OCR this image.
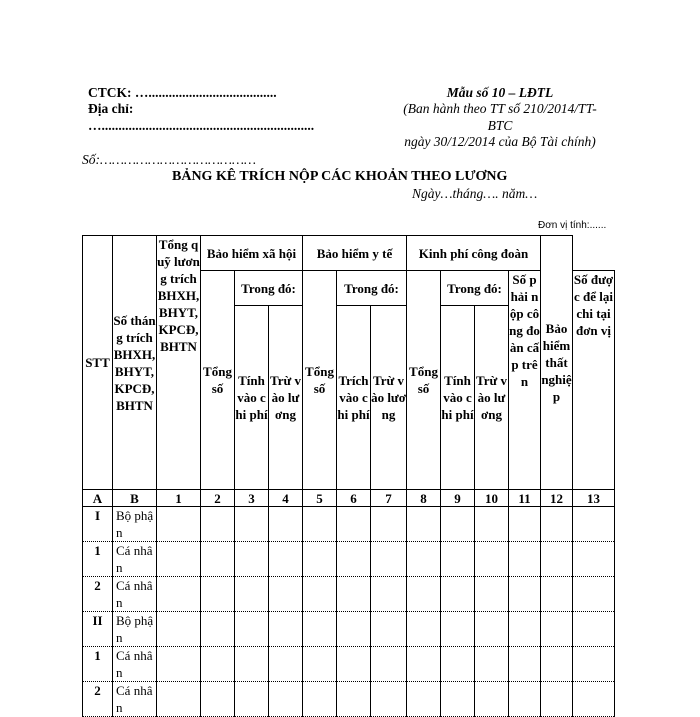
CTCK: …......................................
Địa chỉ:
…...............................................................
Số:…………………………………
Mẫu số 10 – LĐTL
(Ban hành theo TT số 210/2014/TT-
BTC
ngày 30/12/2014 của Bộ Tài chính)
BẢNG KÊ TRÍCH NỘP CÁC KHOẢN THEO LƯƠNG
Ngày…tháng…. năm…
Đơn vị tính:......
STT	Số tháng trích BHXH, BHYT, KPCĐ, BHTN	Tổng quỹ lương trích BHXH, BHYT, KPCĐ, BHTN	Bảo hiểm xã hội			Bảo hiểm y tế			Kinh phí công đoàn				Bảo hiểm thất nghiệp	
			Tổng số	Trong đó:		Tổng số	Trong đó:		Tổng số	Trong đó:		Số phải nộp công đoàn cấp trên		Số được để lại chi tại đơn vị
				Tính vào chi phí	Trừ vào lương		Trích vào chi phí	Trừ vào lương		Tính vào chi phí	Trừ vào lương			
A	B	1	2	3	4	5	6	7	8	9	10	11	12	13
I	Bộ phận													
1	Cá nhân													
2	Cá nhân													
II	Bộ phận													
1	Cá nhân													
2	Cá nhân													
